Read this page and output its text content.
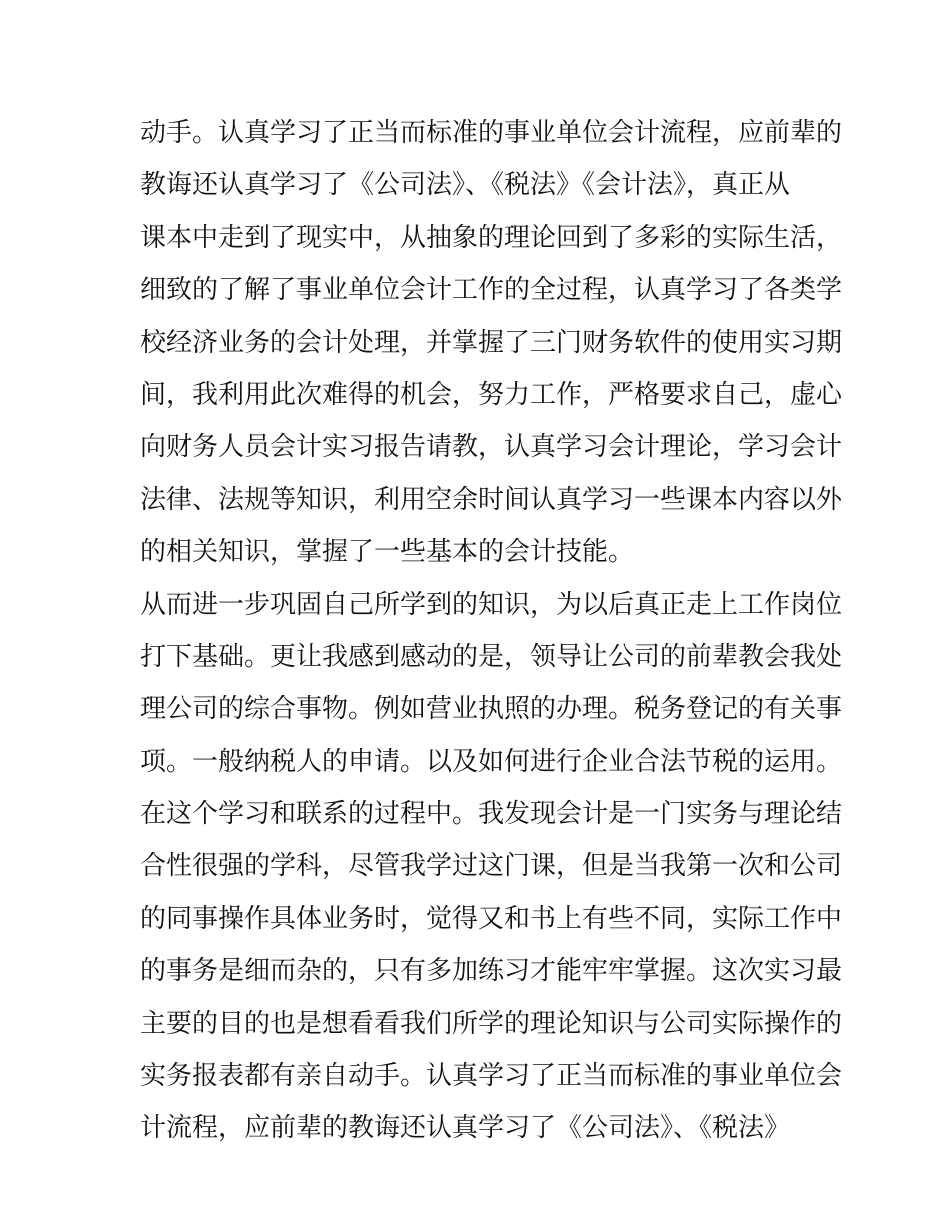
动手。认真学习了正当而标准的事业单位会计流程，应前辈的
教诲还认真学习了《公司法》、《税法》《会计法》，真正从
课本中走到了现实中，从抽象的理论回到了多彩的实际生活，
细致的了解了事业单位会计工作的全过程，认真学习了各类学
校经济业务的会计处理，并掌握了三门财务软件的使用实习期
间，我利用此次难得的机会，努力工作，严格要求自己，虚心
向财务人员会计实习报告请教，认真学习会计理论，学习会计
法律、法规等知识，利用空余时间认真学习一些课本内容以外
的相关知识，掌握了一些基本的会计技能。
从而进一步巩固自己所学到的知识，为以后真正走上工作岗位
打下基础。更让我感到感动的是，领导让公司的前辈教会我处
理公司的综合事物。例如营业执照的办理。税务登记的有关事
项。一般纳税人的申请。以及如何进行企业合法节税的运用。
在这个学习和联系的过程中。我发现会计是一门实务与理论结
合性很强的学科，尽管我学过这门课，但是当我第一次和公司
的同事操作具体业务时，觉得又和书上有些不同，实际工作中
的事务是细而杂的，只有多加练习才能牢牢掌握。这次实习最
主要的目的也是想看看我们所学的理论知识与公司实际操作的
实务报表都有亲自动手。认真学习了正当而标准的事业单位会
计流程，应前辈的教诲还认真学习了《公司法》、《税法》
